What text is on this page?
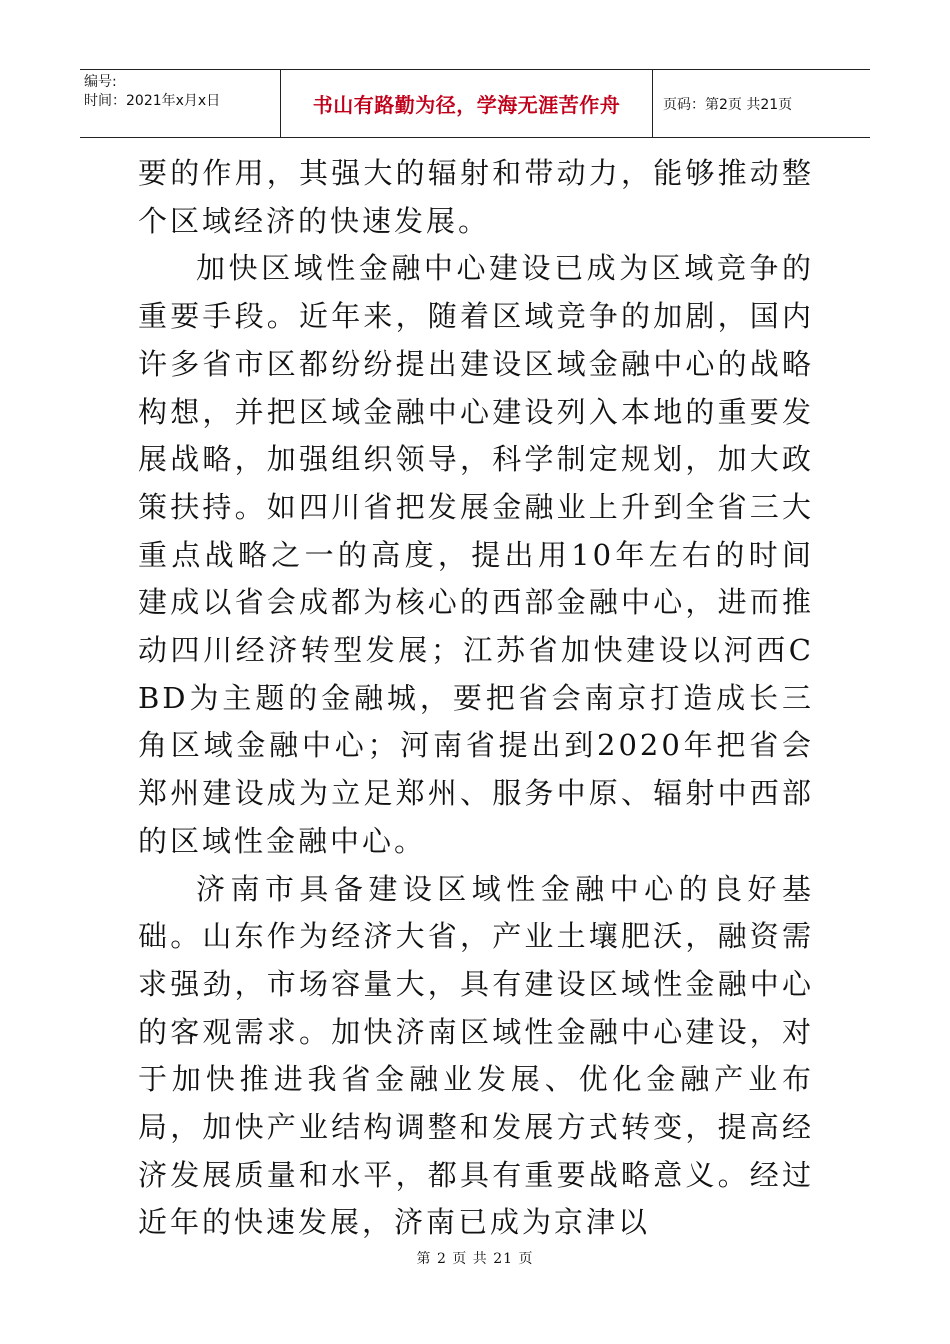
编号:
时间：2021年x月x日	书山有路勤为径，学海无涯苦作舟	页码：第2页 共21页

要的作用，其强大的辐射和带动力，能够推动整个区域经济的快速发展。

加快区域性金融中心建设已成为区域竞争的重要手段。近年来，随着区域竞争的加剧，国内许多省市区都纷纷提出建设区域金融中心的战略构想，并把区域金融中心建设列入本地的重要发展战略，加强组织领导，科学制定规划，加大政策扶持。如四川省把发展金融业上升到全省三大重点战略之一的高度，提出用10年左右的时间建成以省会成都为核心的西部金融中心，进而推动四川经济转型发展；江苏省加快建设以河西CBD为主题的金融城，要把省会南京打造成长三角区域金融中心；河南省提出到2020年把省会郑州建设成为立足郑州、服务中原、辐射中西部的区域性金融中心。

济南市具备建设区域性金融中心的良好基础。山东作为经济大省，产业土壤肥沃，融资需求强劲，市场容量大，具有建设区域性金融中心的客观需求。加快济南区域性金融中心建设，对于加快推进我省金融业发展、优化金融产业布局，加快产业结构调整和发展方式转变，提高经济发展质量和水平，都具有重要战略意义。经过近年的快速发展，济南已成为京津以

第 2 页 共 21 页
